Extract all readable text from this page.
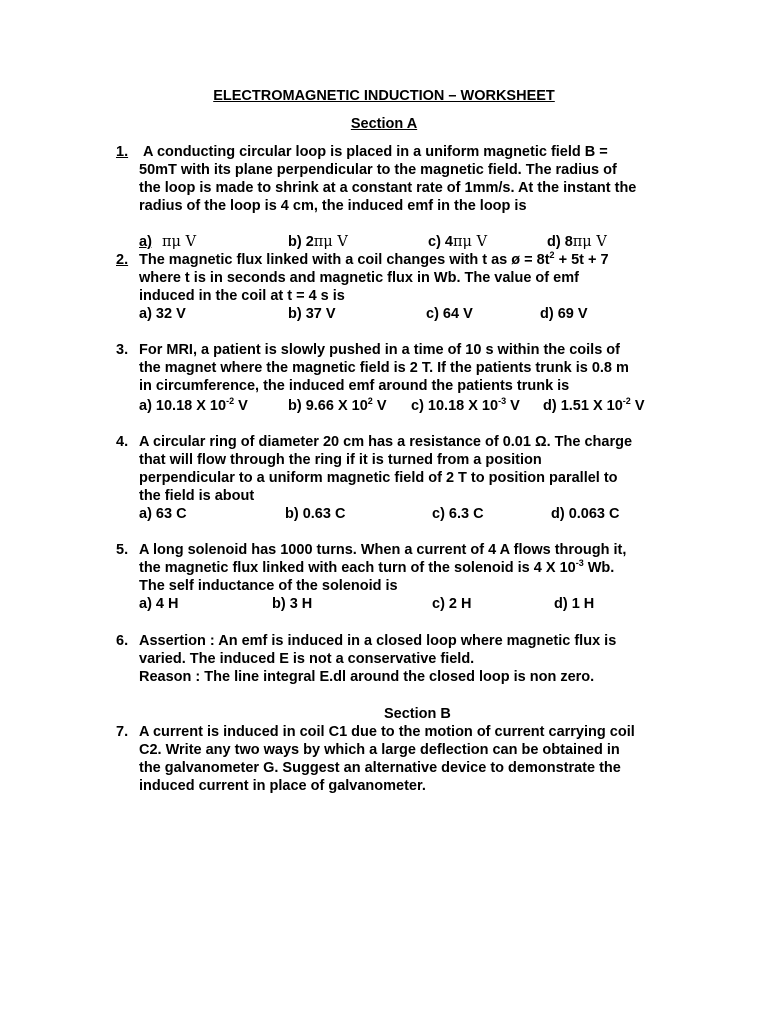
ELECTROMAGNETIC INDUCTION – WORKSHEET
Section A
1. A conducting circular loop is placed in a uniform magnetic field B =
50mT with its plane perpendicular to the magnetic field. The radius of
the loop is made to shrink at a constant rate of 1mm/s. At the instant the
radius of the loop is 4 cm, the induced emf in the loop is
a) πμ V	b) 2πμ V	c) 4πμ V	d) 8πμ V
2. The magnetic flux linked with a coil changes with t as ø = $8t^2 + 5t + 7$
where t is in seconds and magnetic flux in Wb. The value of emf
induced in the coil at t = 4 s is
a) 32 V	b) 37 V	c) 64 V	d) 69 V
3. For MRI, a patient is slowly pushed in a time of 10 s within the coils of
the magnet where the magnetic field is 2 T. If the patients trunk is 0.8 m
in circumference, the induced emf around the patients trunk is
a) 10.18 X $10^{-2}$ V	b) 9.66 X $10^2$ V c) 10.18 X $10^{-3}$ V d) 1.51 X $10^{-2}$ V
4. A circular ring of diameter 20 cm has a resistance of 0.01 Ω. The charge
that will flow through the ring if it is turned from a position
perpendicular to a uniform magnetic field of 2 T to position parallel to
the field is about
a) 63 C	b) 0.63 C	c) 6.3 C	d) 0.063 C
5. A long solenoid has 1000 turns. When a current of 4 A flows through it,
the magnetic flux linked with each turn of the solenoid is 4 X $10^{-3}$ Wb.
The self inductance of the solenoid is
a) 4 H	b) 3 H	c) 2 H	d) 1 H
6. Assertion : An emf is induced in a closed loop where magnetic flux is
varied. The induced E is not a conservative field.
Reason : The line integral E.dl around the closed loop is non zero.
Section B
7. A current is induced in coil C1 due to the motion of current carrying coil
C2. Write any two ways by which a large deflection can be obtained in
the galvanometer G. Suggest an alternative device to demonstrate the
induced current in place of galvanometer.
